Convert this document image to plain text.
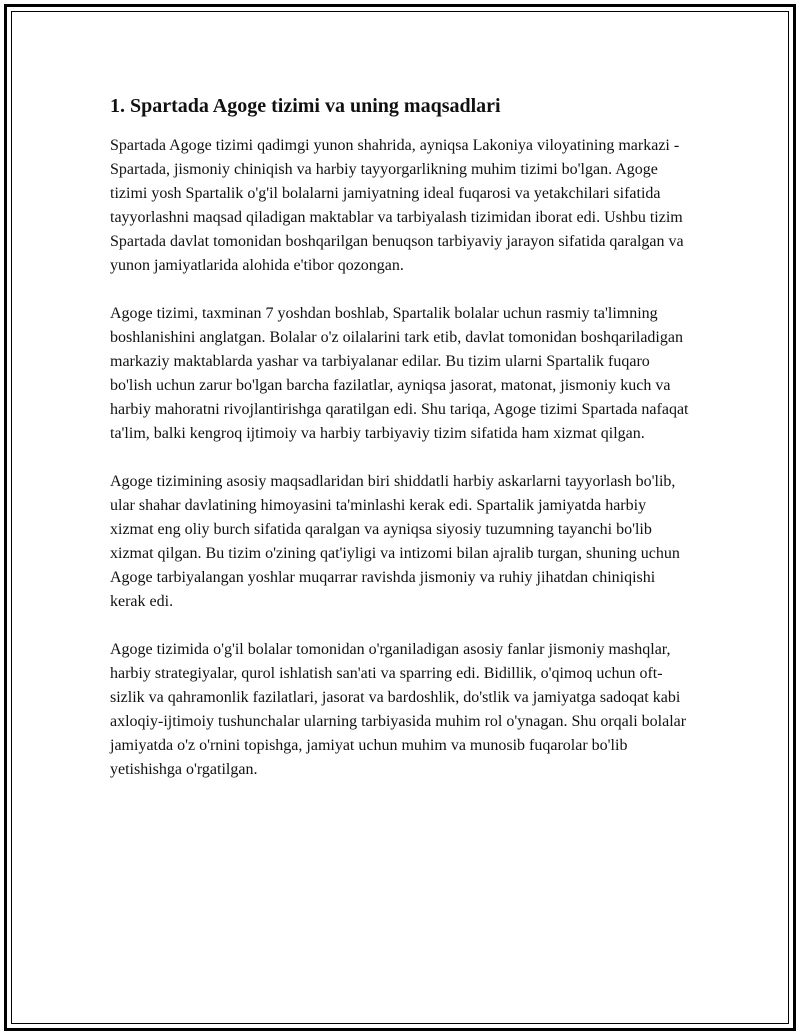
1. Spartada Agoge tizimi va uning maqsadlari

Spartada Agoge tizimi qadimgi yunon shahrida, ayniqsa Lakoniya viloyatining markazi - Spartada, jismoniy chiniqish va harbiy tayyorgarlikning muhim tizimi bo'lgan. Agoge tizimi yosh Spartalik o'g'il bolalarni jamiyatning ideal fuqarosi va yetakchilari sifatida tayyorlashni maqsad qiladigan maktablar va tarbiyalash tizimidan iborat edi. Ushbu tizim Spartada davlat tomonidan boshqarilgan benuqson tarbiyaviy jarayon sifatida qaralgan va yunon jamiyatlarida alohida e'tibor qozongan.

Agoge tizimi, taxminan 7 yoshdan boshlab, Spartalik bolalar uchun rasmiy ta'limning boshlanishini anglatgan. Bolalar o'z oilalarini tark etib, davlat tomonidan boshqariladigan markaziy maktablarda yashar va tarbiyalanar edilar. Bu tizim ularni Spartalik fuqaro bo'lish uchun zarur bo'lgan barcha fazilatlar, ayniqsa jasorat, matonat, jismoniy kuch va harbiy mahoratni rivojlantirishga qaratilgan edi. Shu tariqa, Agoge tizimi Spartada nafaqat ta'lim, balki kengroq ijtimoiy va harbiy tarbiyaviy tizim sifatida ham xizmat qilgan.

Agoge tizimining asosiy maqsadlaridan biri shiddatli harbiy askarlarni tayyorlash bo'lib, ular shahar davlatining himoyasini ta'minlashi kerak edi. Spartalik jamiyatda harbiy xizmat eng oliy burch sifatida qaralgan va ayniqsa siyosiy tuzumning tayanchi bo'lib xizmat qilgan. Bu tizim o'zining qat'iyligi va intizomi bilan ajralib turgan, shuning uchun Agoge tarbiyalangan yoshlar muqarrar ravishda jismoniy va ruhiy jihatdan chiniqishi kerak edi.

Agoge tizimida o'g'il bolalar tomonidan o'rganiladigan asosiy fanlar jismoniy mashqlar, harbiy strategiyalar, qurol ishlatish san'ati va sparring edi. Bidillik, o'qimoq uchun oft-sizlik va qahramonlik fazilatlari, jasorat va bardoshlik, do'stlik va jamiyatga sadoqat kabi axloqiy-ijtimoiy tushunchalar ularning tarbiyasida muhim rol o'ynagan. Shu orqali bolalar jamiyatda o'z o'rnini topishga, jamiyat uchun muhim va munosib fuqarolar bo'lib yetishishga o'rgatilgan.
